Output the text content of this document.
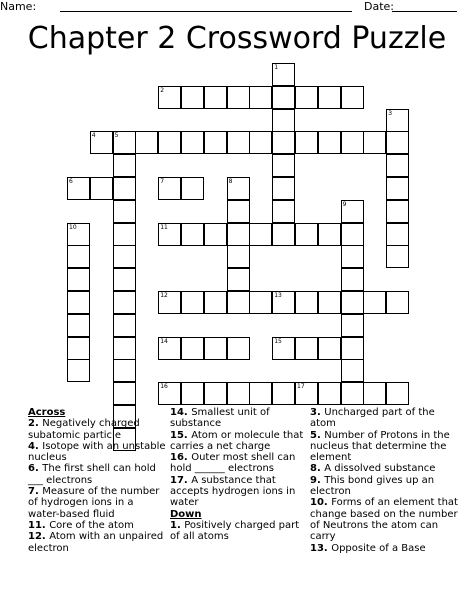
Name:	Date:
Chapter 2 Crossword Puzzle
1
2
3
4	5
6	7	8
9
10	11
12	13
14	15
16	17
Across
2. Negatively charged subatomic particle
4. Isotope with an unstable nucleus
6. The first shell can hold ___ electrons
7. Measure of the number of hydrogen ions in a water-based fluid
11. Core of the atom
12. Atom with an unpaired electron
14. Smallest unit of substance
15. Atom or molecule that carries a net charge
16. Outer most shell can hold ______ electrons
17. A substance that accepts hydrogen ions in water
Down
1. Positively charged part of all atoms
3. Uncharged part of the atom
5. Number of Protons in the nucleus that determine the element
8. A dissolved substance
9. This bond gives up an electron
10. Forms of an element that change based on the number of Neutrons the atom can carry
13. Opposite of a Base
